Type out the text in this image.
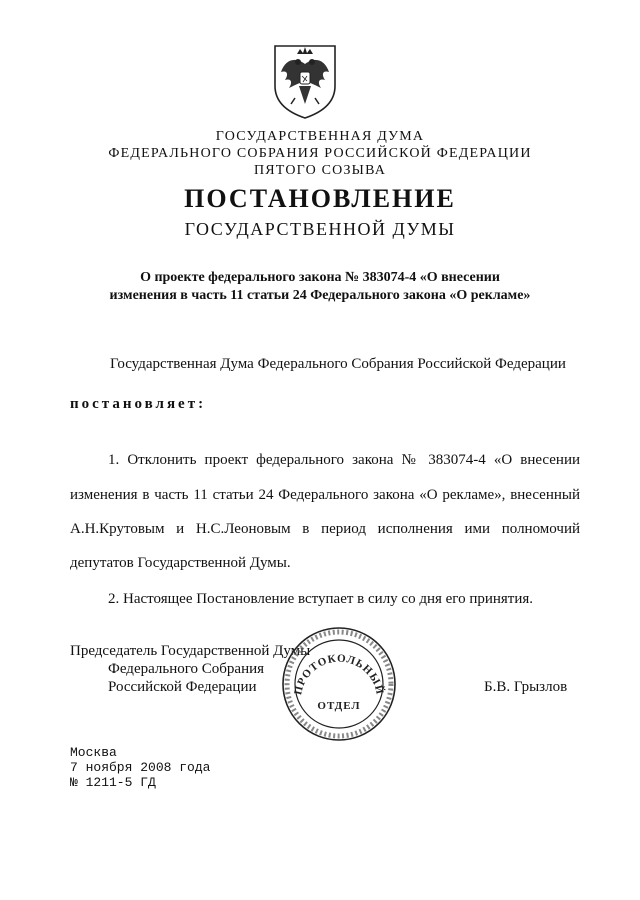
ГОСУДАРСТВЕННАЯ ДУМА
ФЕДЕРАЛЬНОГО СОБРАНИЯ РОССИЙСКОЙ ФЕДЕРАЦИИ
ПЯТОГО СОЗЫВА
ПОСТАНОВЛЕНИЕ
ГОСУДАРСТВЕННОЙ ДУМЫ
О проекте федерального закона № 383074-4 «О внесении
изменения в часть 11 статьи 24 Федерального закона «О рекламе»
Государственная Дума Федерального Собрания Российской Федерации
постановляет:
1. Отклонить проект федерального закона № 383074-4 «О внесении
изменения в часть 11 статьи 24 Федерального закона «О рекламе», внесенный
А.Н.Крутовым и Н.С.Леоновым в период исполнения ими полномочий
депутатов Государственной Думы.
2. Настоящее Постановление вступает в силу со дня его принятия.
Председатель Государственной Думы
Федерального Собрания
Российской Федерации	Б.В. Грызлов
ПРОТОКОЛЬНЫЙ
ОТДЕЛ
Москва
7 ноября 2008 года
№ 1211-5 ГД
